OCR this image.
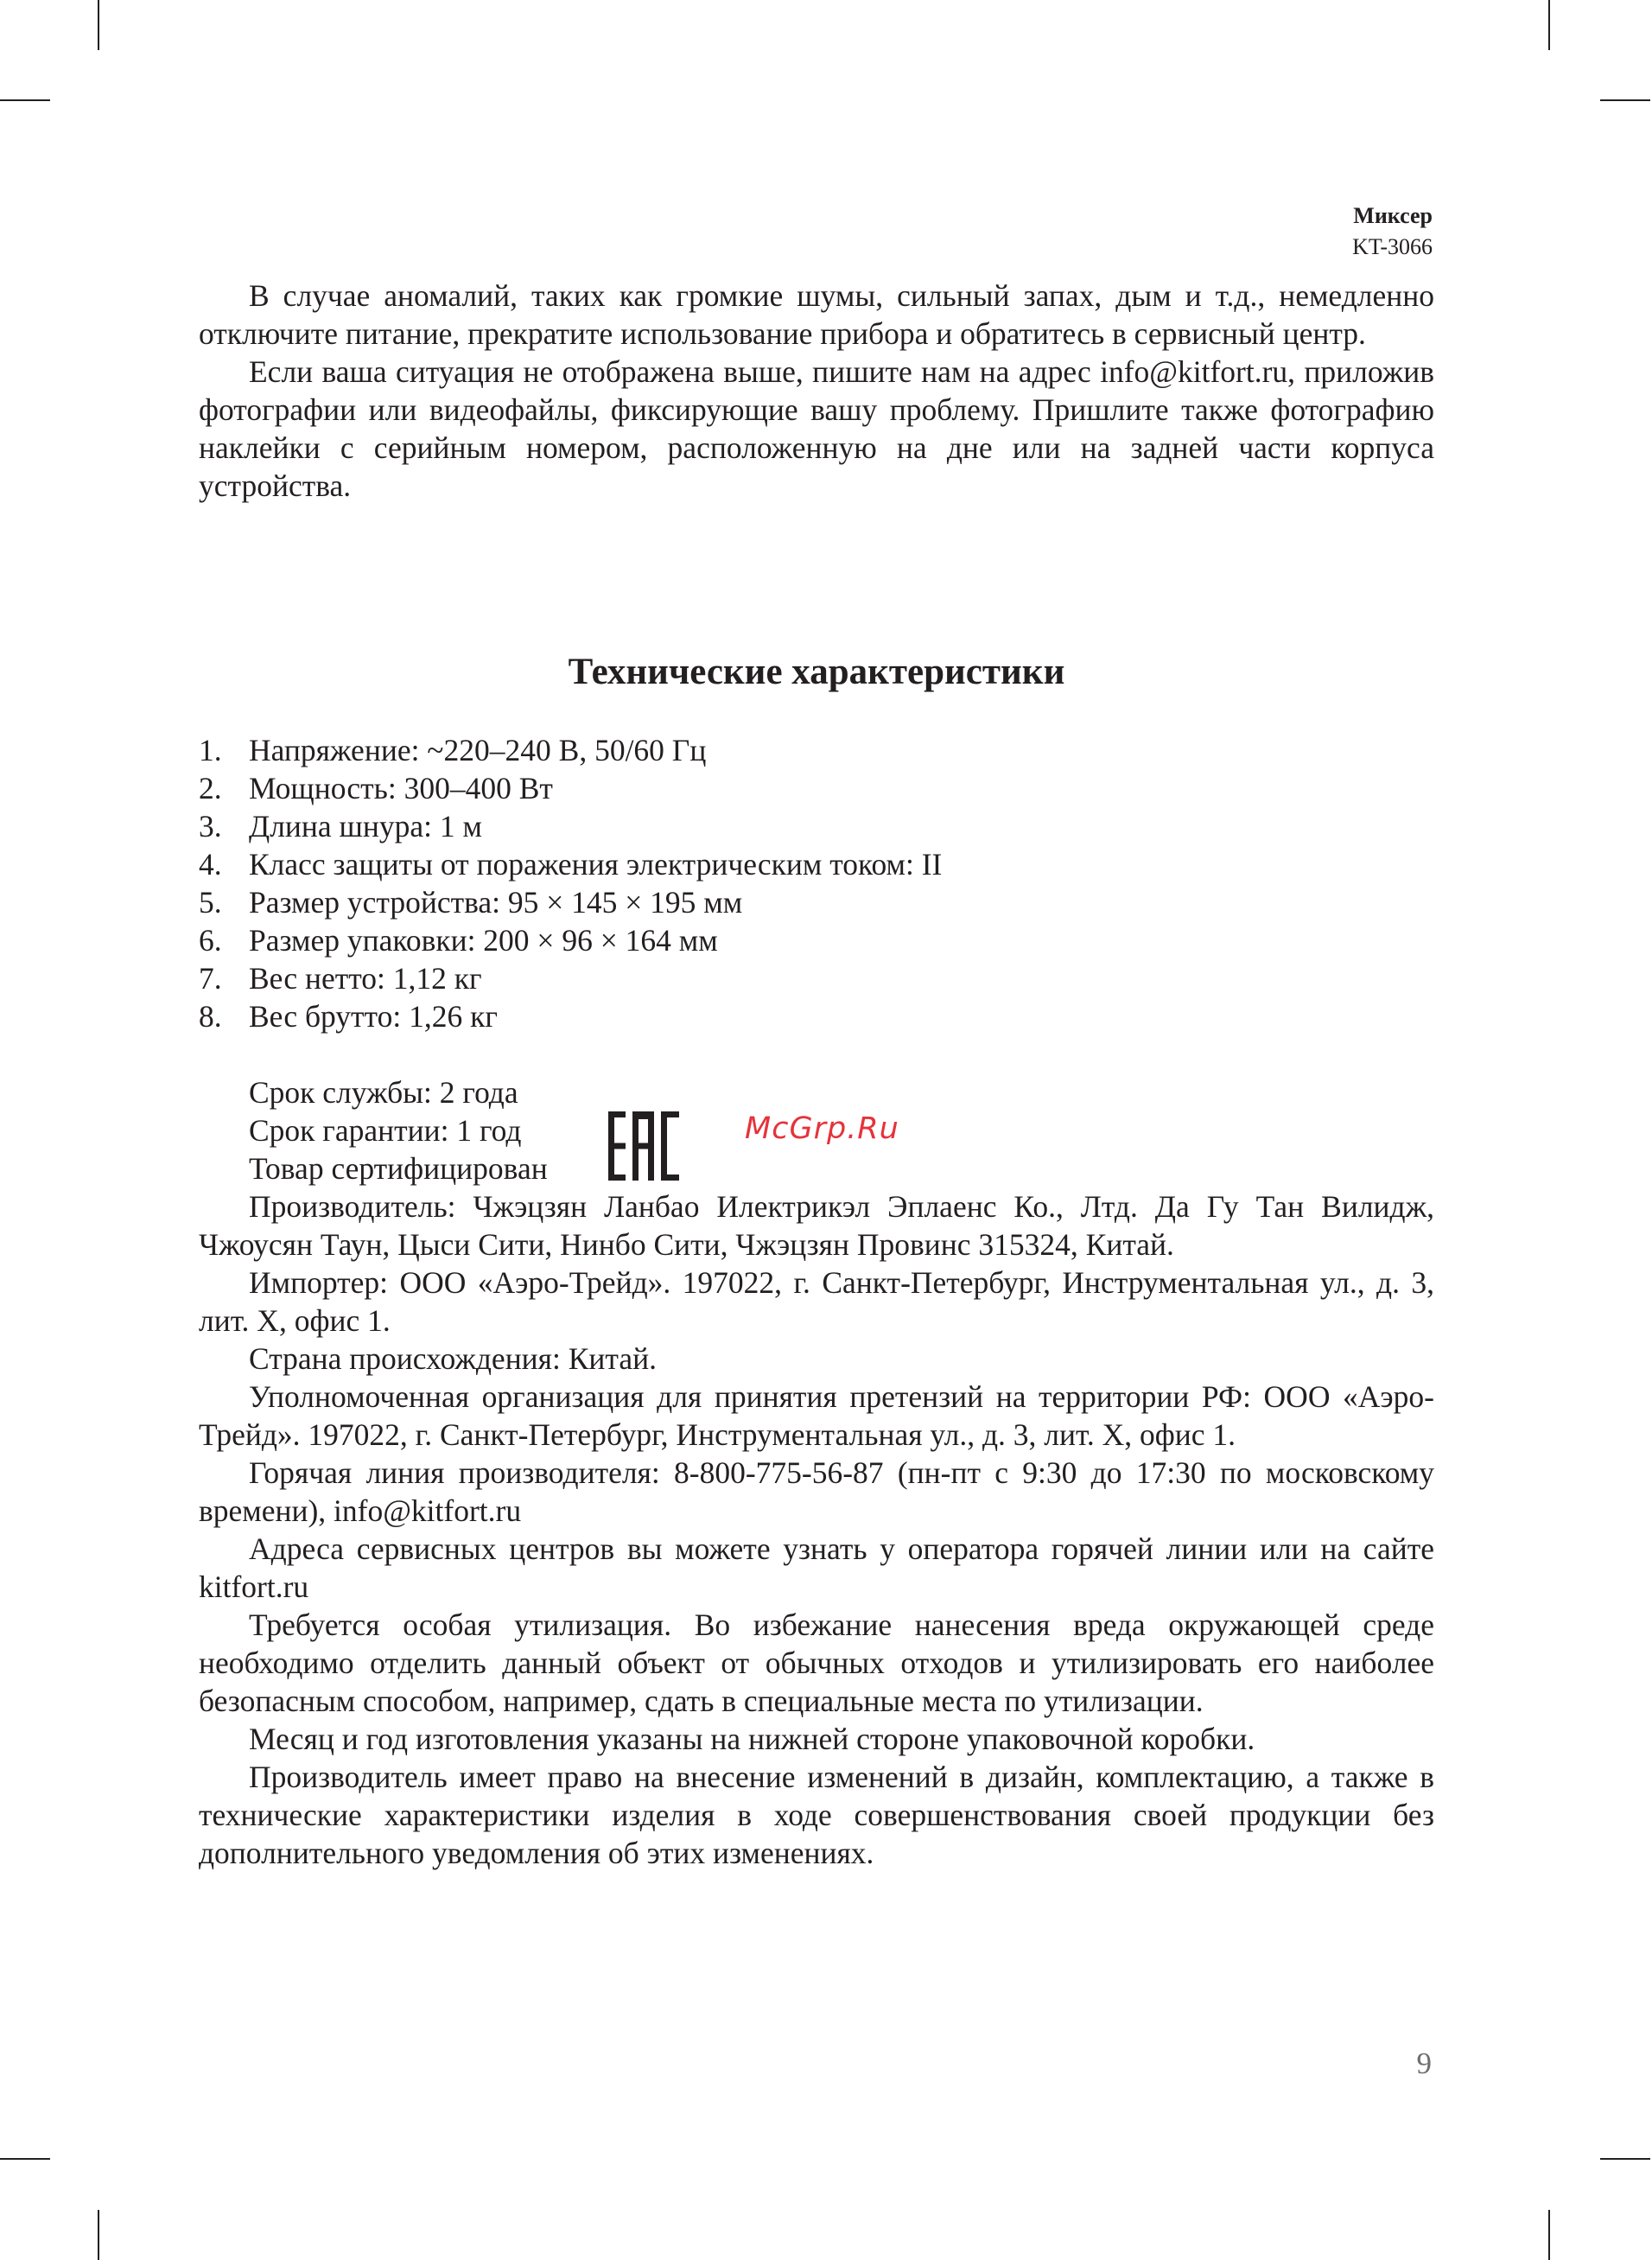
Миксер
KT-3066

В случае аномалий, таких как громкие шумы, сильный запах, дым и т.д., немедленно отключите питание, прекратите использование прибора и обратитесь в сервисный центр.

Если ваша ситуация не отображена выше, пишите нам на адрес info@kitfort.ru, приложив фотографии или видеофайлы, фиксирующие вашу проблему. Пришлите также фотографию наклейки с серийным номером, расположенную на дне или на задней части корпуса устройства.

Технические характеристики
1. Напряжение: ~220–240 В, 50/60 Гц
2. Мощность: 300–400 Вт
3. Длина шнура: 1 м
4. Класс защиты от поражения электрическим током: II
5. Размер устройства: 95 × 145 × 195 мм
6. Размер упаковки: 200 × 96 × 164 мм
7. Вес нетто: 1,12 кг
8. Вес брутто: 1,26 кг

Срок службы: 2 года

Срок гарантии: 1 год

Товар сертифицирован

McGrp.Ru

Производитель: Чжэцзян Ланбао Илектрикэл Эплаенс Ко., Лтд. Да Гу Тан Вилидж, Чжоусян Таун, Цыси Сити, Нинбо Сити, Чжэцзян Провинс 315324, Китай.

Импортер: ООО «Аэро-Трейд». 197022, г. Санкт-Петербург, Инструментальная ул., д. 3, лит. Х, офис 1.

Страна происхождения: Китай.

Уполномоченная организация для принятия претензий на территории РФ: ООО «Аэро-Трейд». 197022, г. Санкт-Петербург, Инструментальная ул., д. 3, лит. Х, офис 1.

Горячая линия производителя: 8-800-775-56-87 (пн-пт с 9:30 до 17:30 по московскому времени), info@kitfort.ru

Адреса сервисных центров вы можете узнать у оператора горячей линии или на сайте kitfort.ru

Требуется особая утилизация. Во избежание нанесения вреда окружающей среде необходимо отделить данный объект от обычных отходов и утилизировать его наиболее безопасным способом, например, сдать в специальные места по утилизации.

Месяц и год изготовления указаны на нижней стороне упаковочной коробки.

Производитель имеет право на внесение изменений в дизайн, комплектацию, а также в технические характеристики изделия в ходе совершенствования своей продукции без дополнительного уведомления об этих изменениях.

9
